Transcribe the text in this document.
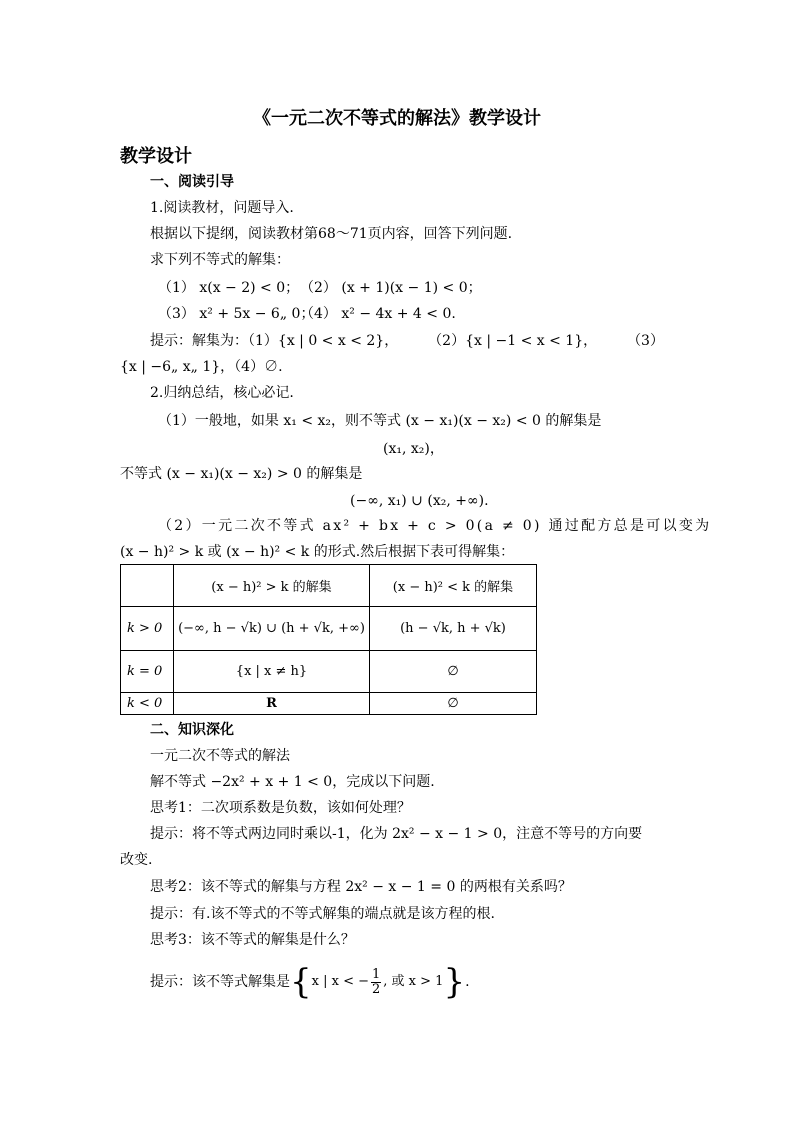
《一元二次不等式的解法》教学设计
教学设计
一、阅读引导
1.阅读教材，问题导入.
根据以下提纲，阅读教材第68～71页内容，回答下列问题.
求下列不等式的解集：
（1） x(x − 2) < 0； （2） (x + 1)(x − 1) < 0；
（3） x² + 5x − 6„ 0；
（4） x² − 4x + 4 < 0.
提示：解集为：（1）{x | 0 < x < 2}， （2）{x | −1 < x < 1}， （3）
{x | −6„ x„ 1}，（4）∅.
2.归纳总结，核心必记.
（1）一般地，如果 x₁ < x₂，则不等式 (x − x₁)(x − x₂) < 0 的解集是
(x₁, x₂)，
不等式 (x − x₁)(x − x₂) > 0 的解集是
(−∞, x₁) ∪ (x₂, +∞).
（2）一元二次不等式 ax² + bx + c > 0(a ≠ 0) 通过配方总是可以变为
(x − h)² > k 或 (x − h)² < k 的形式.然后根据下表可得解集：
	(x − h)² > k 的解集	(x − h)² < k 的解集
k > 0	(−∞, h − √k) ∪ (h + √k, +∞)	(h − √k, h + √k)
k = 0	{x | x ≠ h}	∅
k < 0	R	∅
二、知识深化
一元二次不等式的解法
解不等式 −2x² + x + 1 < 0，完成以下问题.
思考1：二次项系数是负数，该如何处理？
提示：将不等式两边同时乘以-1，化为 2x² − x − 1 > 0，注意不等号的方向要
改变.
思考2：该不等式的解集与方程 2x² − x − 1 = 0 的两根有关系吗？
提示：有.该不等式的不等式解集的端点就是该方程的根.
思考3：该不等式的解集是什么？
提示：该不等式解集是 { x | x < − $\frac{1}{2}$ , 或 x > 1 } .
